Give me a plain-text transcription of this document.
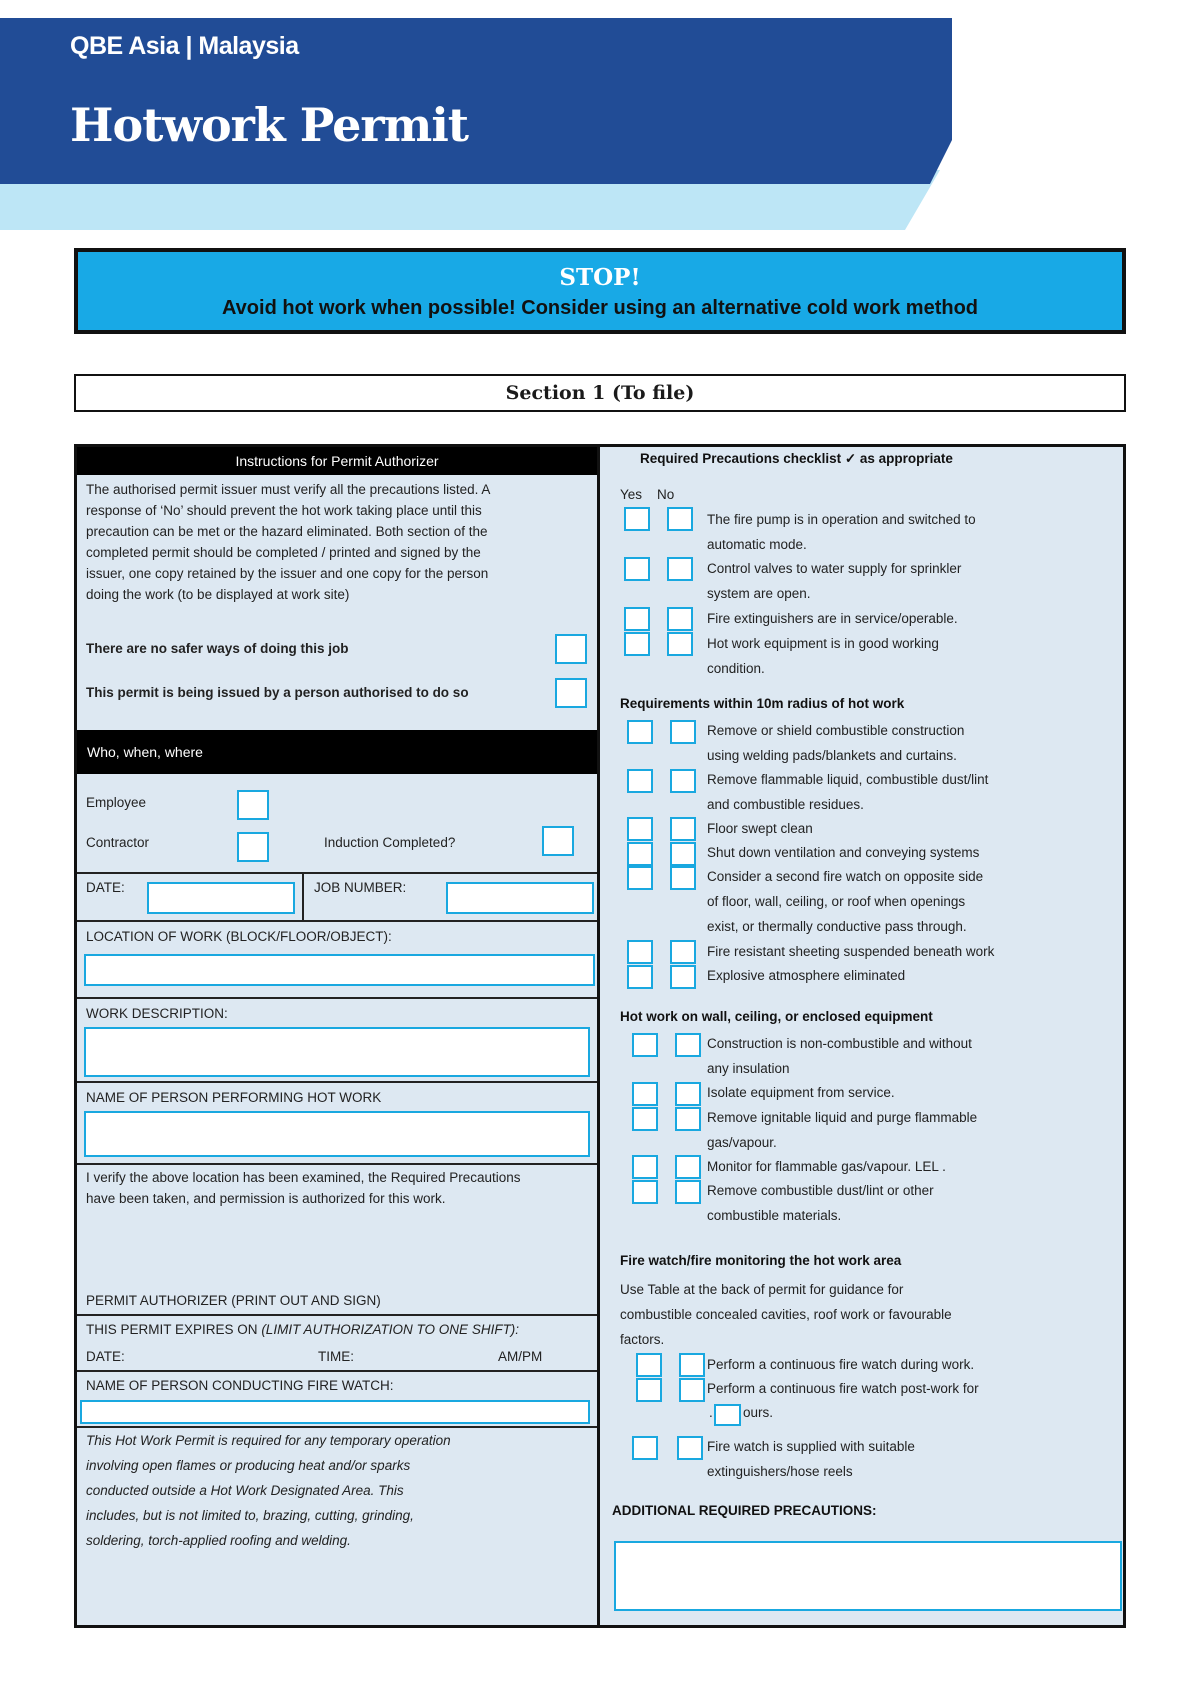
QBE Asia | Malaysia
Hotwork Permit
STOP!
Avoid hot work when possible! Consider using an alternative cold work method
Section 1 (To file)
Instructions for Permit Authorizer
The authorised permit issuer must verify all the precautions listed. A
response of ‘No’ should prevent the hot work taking place until this
precaution can be met or the hazard eliminated. Both section of the
completed permit should be completed / printed and signed by the
issuer, one copy retained by the issuer and one copy for the person
doing the work (to be displayed at work site)
There are no safer ways of doing this job
This permit is being issued by a person authorised to do so
Who, when, where
Employee
Contractor	Induction Completed?
DATE:	JOB NUMBER:
LOCATION OF WORK (BLOCK/FLOOR/OBJECT):
WORK DESCRIPTION:
NAME OF PERSON PERFORMING HOT WORK
I verify the above location has been examined, the Required Precautions
have been taken, and permission is authorized for this work.
PERMIT AUTHORIZER (PRINT OUT AND SIGN)
THIS PERMIT EXPIRES ON (LIMIT AUTHORIZATION TO ONE SHIFT):
DATE:	TIME:	AM/PM
NAME OF PERSON CONDUCTING FIRE WATCH:
This Hot Work Permit is required for any temporary operation
involving open flames or producing heat and/or sparks
conducted outside a Hot Work Designated Area. This
includes, but is not limited to, brazing, cutting, grinding,
soldering, torch-applied roofing and welding.
Required Precautions checklist ✓ as appropriate
Yes No
The fire pump is in operation and switched to
automatic mode.
Control valves to water supply for sprinkler
system are open.
Fire extinguishers are in service/operable.
Hot work equipment is in good working
condition.
Requirements within 10m radius of hot work
Remove or shield combustible construction
using welding pads/blankets and curtains.
Remove flammable liquid, combustible dust/lint
and combustible residues.
Floor swept clean
Shut down ventilation and conveying systems
Consider a second fire watch on opposite side
of floor, wall, ceiling, or roof when openings
exist, or thermally conductive pass through.
Fire resistant sheeting suspended beneath work
Explosive atmosphere eliminated
Hot work on wall, ceiling, or enclosed equipment
Construction is non-combustible and without
any insulation
Isolate equipment from service.
Remove ignitable liquid and purge flammable
gas/vapour.
Monitor for flammable gas/vapour. LEL .
Remove combustible dust/lint or other
combustible materials.
Fire watch/fire monitoring the hot work area
Use Table at the back of permit for guidance for
combustible concealed cavities, roof work or favourable
factors.
Perform a continuous fire watch during work.
Perform a continuous fire watch post-work for
. ours.
Fire watch is supplied with suitable
extinguishers/hose reels
ADDITIONAL REQUIRED PRECAUTIONS:
